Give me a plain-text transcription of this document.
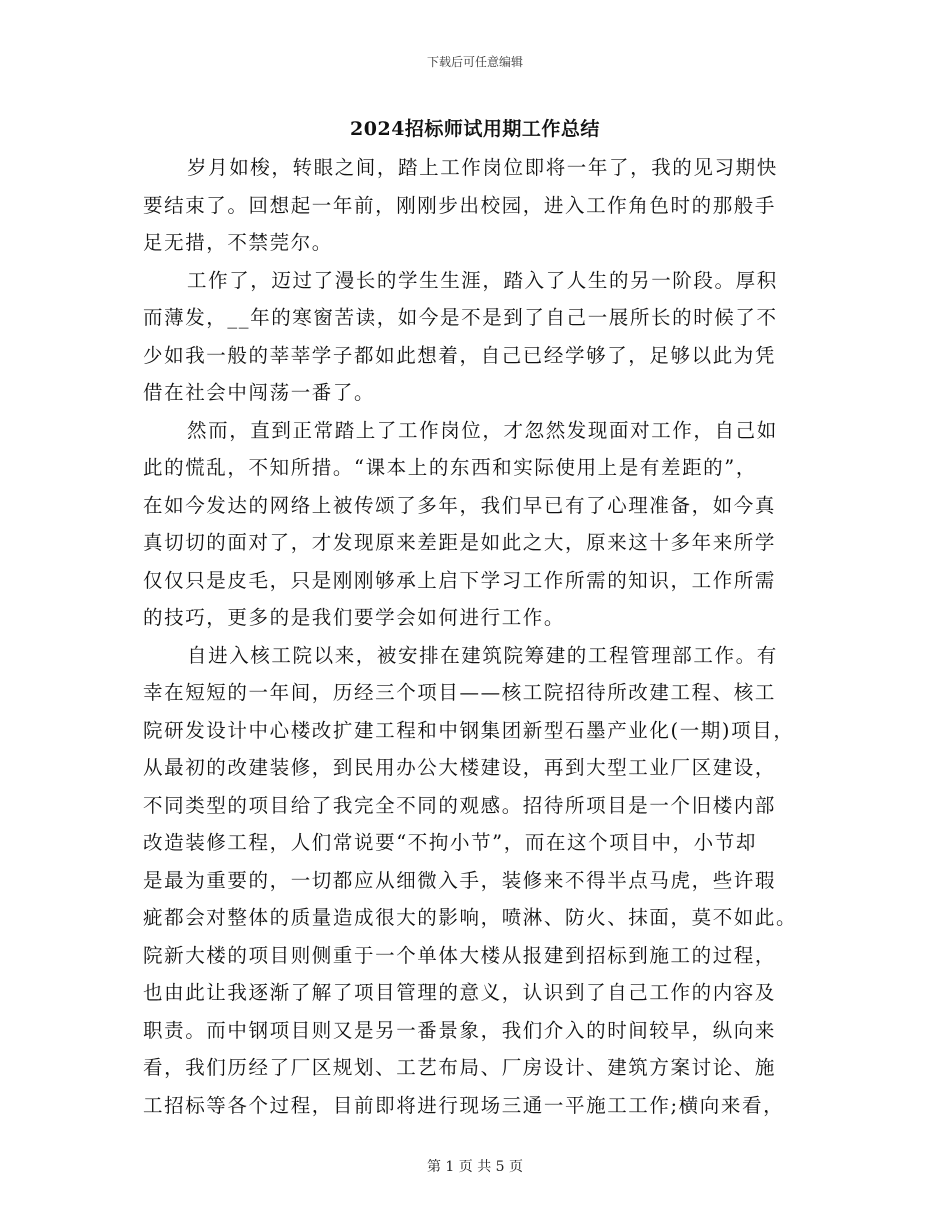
下载后可任意编辑

2024招标师试用期工作总结
岁月如梭，转眼之间，踏上工作岗位即将一年了，我的见习期快
要结束了。回想起一年前，刚刚步出校园，进入工作角色时的那般手
足无措，不禁莞尔。
工作了，迈过了漫长的学生生涯，踏入了人生的另一阶段。厚积
而薄发，__年的寒窗苦读，如今是不是到了自己一展所长的时候了不
少如我一般的莘莘学子都如此想着，自己已经学够了，足够以此为凭
借在社会中闯荡一番了。
然而，直到正常踏上了工作岗位，才忽然发现面对工作，自己如
此的慌乱，不知所措。“课本上的东西和实际使用上是有差距的”，
在如今发达的网络上被传颂了多年，我们早已有了心理准备，如今真
真切切的面对了，才发现原来差距是如此之大，原来这十多年来所学
仅仅只是皮毛，只是刚刚够承上启下学习工作所需的知识，工作所需
的技巧，更多的是我们要学会如何进行工作。
自进入核工院以来，被安排在建筑院筹建的工程管理部工作。有
幸在短短的一年间，历经三个项目——核工院招待所改建工程、核工
院研发设计中心楼改扩建工程和中钢集团新型石墨产业化(一期)项目，
从最初的改建装修，到民用办公大楼建设，再到大型工业厂区建设，
不同类型的项目给了我完全不同的观感。招待所项目是一个旧楼内部
改造装修工程，人们常说要“不拘小节”，而在这个项目中，小节却
是最为重要的，一切都应从细微入手，装修来不得半点马虎，些许瑕
疵都会对整体的质量造成很大的影响，喷淋、防火、抹面，莫不如此。
院新大楼的项目则侧重于一个单体大楼从报建到招标到施工的过程，
也由此让我逐渐了解了项目管理的意义，认识到了自己工作的内容及
职责。而中钢项目则又是另一番景象，我们介入的时间较早，纵向来
看，我们历经了厂区规划、工艺布局、厂房设计、建筑方案讨论、施
工招标等各个过程，目前即将进行现场三通一平施工工作;横向来看，

第 1 页 共 5 页
